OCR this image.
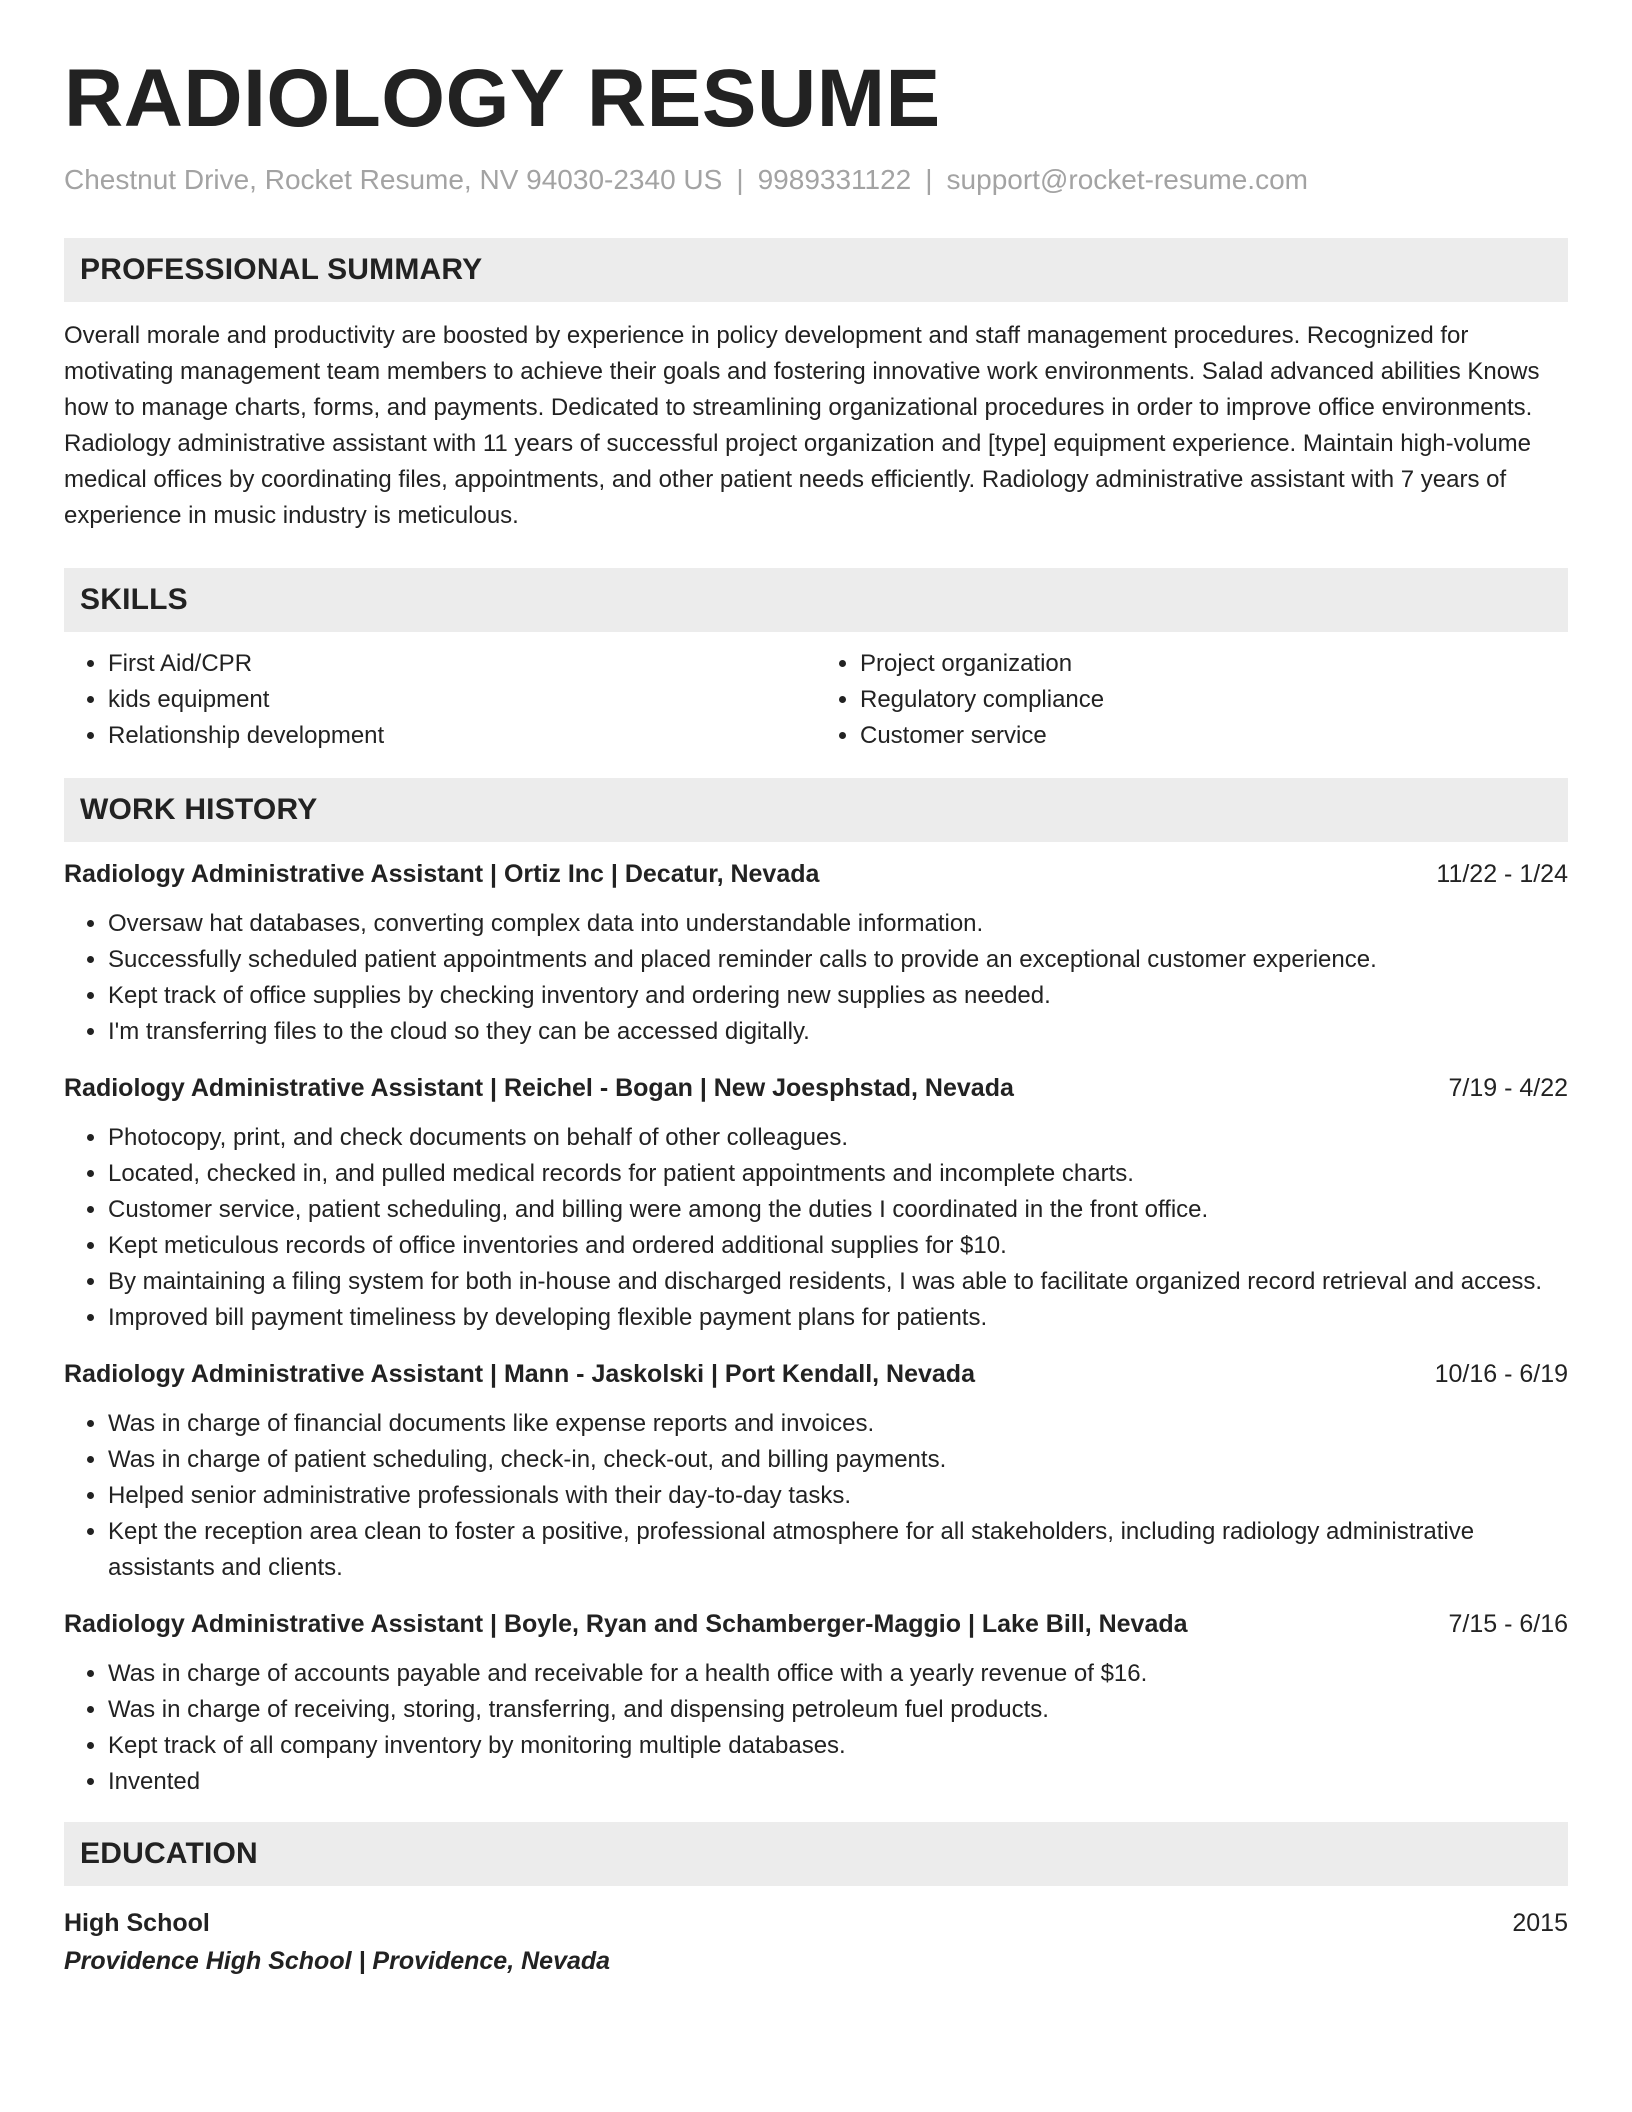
RADIOLOGY RESUME
Chestnut Drive, Rocket Resume, NV 94030-2340 US | 9989331122 | support@rocket-resume.com
PROFESSIONAL SUMMARY

Overall morale and productivity are boosted by experience in policy development and staff management procedures. Recognized for motivating management team members to achieve their goals and fostering innovative work environments. Salad advanced abilities Knows how to manage charts, forms, and payments. Dedicated to streamlining organizational procedures in order to improve office environments. Radiology administrative assistant with 11 years of successful project organization and [type] equipment experience. Maintain high-volume medical offices by coordinating files, appointments, and other patient needs efficiently. Radiology administrative assistant with 7 years of experience in music industry is meticulous.

SKILLS
• First Aid/CPR
• kids equipment
• Relationship development
• Project organization
• Regulatory compliance
• Customer service
WORK HISTORY
Radiology Administrative Assistant | Ortiz Inc | Decatur, Nevada	11/22 - 1/24
• Oversaw hat databases, converting complex data into understandable information.
• Successfully scheduled patient appointments and placed reminder calls to provide an exceptional customer experience.
• Kept track of office supplies by checking inventory and ordering new supplies as needed.
• I'm transferring files to the cloud so they can be accessed digitally.
Radiology Administrative Assistant | Reichel - Bogan | New Joesphstad, Nevada	7/19 - 4/22
• Photocopy, print, and check documents on behalf of other colleagues.
• Located, checked in, and pulled medical records for patient appointments and incomplete charts.
• Customer service, patient scheduling, and billing were among the duties I coordinated in the front office.
• Kept meticulous records of office inventories and ordered additional supplies for $10.
• By maintaining a filing system for both in-house and discharged residents, I was able to facilitate organized record retrieval and access.
• Improved bill payment timeliness by developing flexible payment plans for patients.
Radiology Administrative Assistant | Mann - Jaskolski | Port Kendall, Nevada	10/16 - 6/19
• Was in charge of financial documents like expense reports and invoices.
• Was in charge of patient scheduling, check-in, check-out, and billing payments.
• Helped senior administrative professionals with their day-to-day tasks.
• Kept the reception area clean to foster a positive, professional atmosphere for all stakeholders, including radiology administrative assistants and clients.
Radiology Administrative Assistant | Boyle, Ryan and Schamberger-Maggio | Lake Bill, Nevada	7/15 - 6/16
• Was in charge of accounts payable and receivable for a health office with a yearly revenue of $16.
• Was in charge of receiving, storing, transferring, and dispensing petroleum fuel products.
• Kept track of all company inventory by monitoring multiple databases.
• Invented
EDUCATION
High School	2015
Providence High School | Providence, Nevada
